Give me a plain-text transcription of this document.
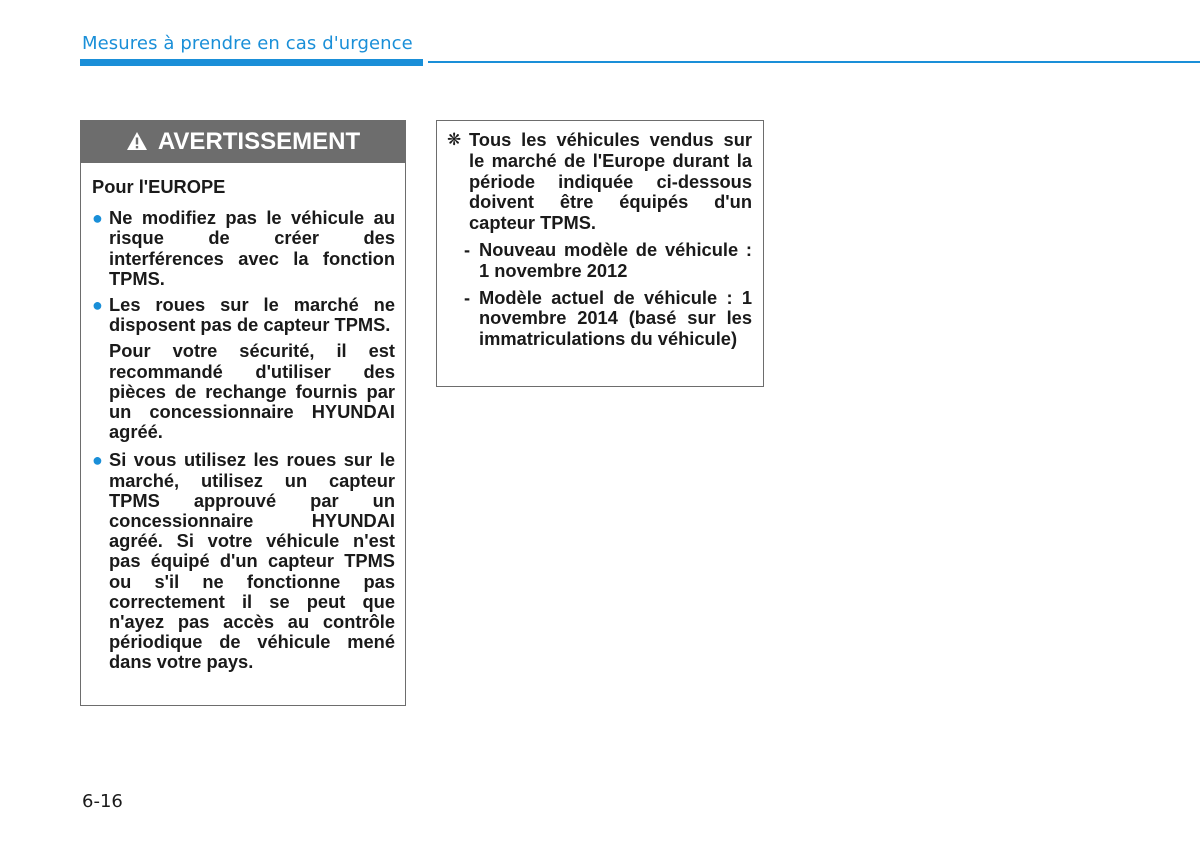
Mesures à prendre en cas d'urgence
AVERTISSEMENT
Pour l'EUROPE
● Ne modifiez pas le véhicule au risque de créer des interférences avec la fonction TPMS.
● Les roues sur le marché ne disposent pas de capteur TPMS.
Pour votre sécurité, il est recommandé d'utiliser des pièces de rechange fournis par un concessionnaire HYUNDAI agréé.
● Si vous utilisez les roues sur le marché, utilisez un capteur TPMS approuvé par un concessionnaire HYUNDAI agréé. Si votre véhicule n'est pas équipé d'un capteur TPMS ou s'il ne fonctionne pas correctement il se peut que n'ayez pas accès au contrôle périodique de véhicule mené dans votre pays.
❋ Tous les véhicules vendus sur le marché de l'Europe durant la période indiquée ci-dessous doivent être équipés d'un capteur TPMS.
- Nouveau modèle de véhicule : 1 novembre 2012
- Modèle actuel de véhicule : 1 novembre 2014 (basé sur les immatriculations du véhicule)
6-16
